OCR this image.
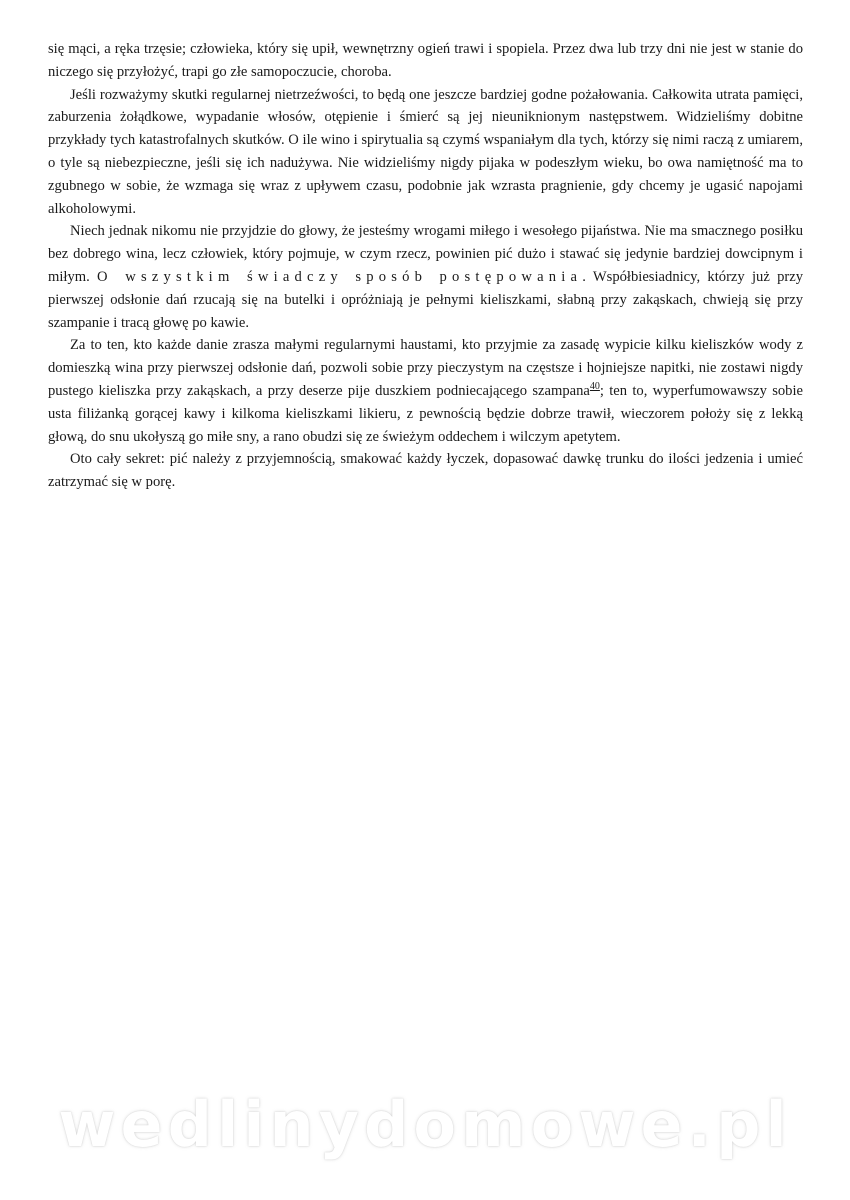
się mąci, a ręka trzęsie; człowieka, który się upił, wewnętrzny ogień trawi i spopiela. Przez dwa lub trzy dni nie jest w stanie do niczego się przyłożyć, trapi go złe samopoczucie, choroba.

Jeśli rozważymy skutki regularnej nietrzeźwości, to będą one jeszcze bardziej godne pożałowania. Całkowita utrata pamięci, zaburzenia żołądkowe, wypadanie włosów, otępienie i śmierć są jej nieuniknionym następstwem. Widzieliśmy dobitne przykłady tych katastrofalnych skutków. O ile wino i spirytualia są czymś wspaniałym dla tych, którzy się nimi raczą z umiarem, o tyle są niebezpieczne, jeśli się ich nadużywa. Nie widzieliśmy nigdy pijaka w podeszłym wieku, bo owa namiętność ma to zgubnego w sobie, że wzmaga się wraz z upływem czasu, podobnie jak wzrasta pragnienie, gdy chcemy je ugasić napojami alkoholowymi.

Niech jednak nikomu nie przyjdzie do głowy, że jesteśmy wrogami miłego i wesołego pijaństwa. Nie ma smacznego posiłku bez dobrego wina, lecz człowiek, który pojmuje, w czym rzecz, powinien pić dużo i stawać się jedynie bardziej dowcipnym i miłym. O wszystkim świadczy sposób postępowania. Współbiesiadnicy, którzy już przy pierwszej odsłonie dań rzucają się na butelki i opróżniają je pełnymi kieliszkami, słabną przy zakąskach, chwieją się przy szampanie i tracą głowę po kawie.

Za to ten, kto każde danie zrasza małymi regularnymi haustami, kto przyjmie za zasadę wypicie kilku kieliszków wody z domieszką wina przy pierwszej odsłonie dań, pozwoli sobie przy pieczystym na częstsze i hojniejsze napitki, nie zostawi nigdy pustego kieliszka przy zakąskach, a przy deserze pije duszkiem podniecającego szampana$^{40}$; ten to, wyperfumowawszy sobie usta filiżanką gorącej kawy i kilkoma kieliszkami likieru, z pewnością będzie dobrze trawił, wieczorem położy się z lekką głową, do snu ukołyszą go miłe sny, a rano obudzi się ze świeżym oddechem i wilczym apetytem.

Oto cały sekret: pić należy z przyjemnością, smakować każdy łyczek, dopasować dawkę trunku do ilości jedzenia i umieć zatrzymać się w porę.

wedlinydomowe.pl
